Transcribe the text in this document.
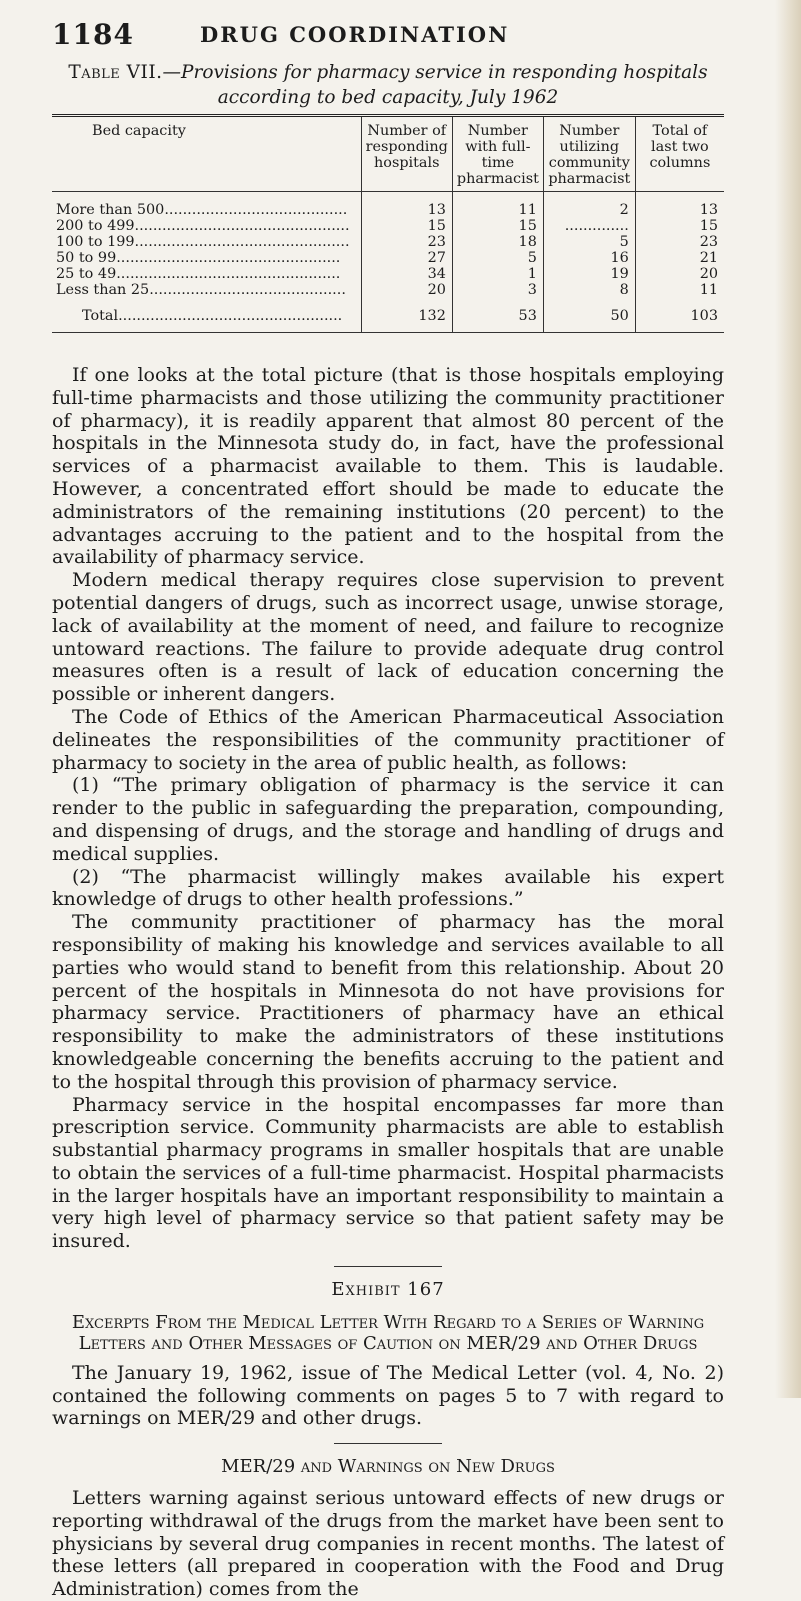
1184	DRUG COORDINATION
Table VII.—Provisions for pharmacy service in responding hospitals according to bed capacity, July 1962
Bed capacity	Number of responding hospitals	Number with full-time pharmacist	Number utilizing community pharmacist	Total of last two columns
More than 500........................................	13	11	2	13
200 to 499...............................................	15	15	..............	15
100 to 199...............................................	23	18	5	23
50 to 99.................................................	27	5	16	21
25 to 49.................................................	34	1	19	20
Less than 25...........................................	20	3	8	11
Total.................................................	132	53	50	103

If one looks at the total picture (that is those hospitals employing full-time pharmacists and those utilizing the community practitioner of pharmacy), it is readily apparent that almost 80 percent of the hospitals in the Minnesota study do, in fact, have the professional services of a pharmacist available to them. This is laudable. However, a concentrated effort should be made to educate the administrators of the remaining institutions (20 percent) to the advantages accruing to the patient and to the hospital from the availability of pharmacy service.

Modern medical therapy requires close supervision to prevent potential dangers of drugs, such as incorrect usage, unwise storage, lack of availability at the moment of need, and failure to recognize untoward reactions. The failure to provide adequate drug control measures often is a result of lack of education concerning the possible or inherent dangers.

The Code of Ethics of the American Pharmaceutical Association delineates the responsibilities of the community practitioner of pharmacy to society in the area of public health, as follows:

(1) “The primary obligation of pharmacy is the service it can render to the public in safeguarding the preparation, compounding, and dispensing of drugs, and the storage and handling of drugs and medical supplies.

(2) “The pharmacist willingly makes available his expert knowledge of drugs to other health professions.”

The community practitioner of pharmacy has the moral responsibility of making his knowledge and services available to all parties who would stand to benefit from this relationship. About 20 percent of the hospitals in Minnesota do not have provisions for pharmacy service. Practitioners of pharmacy have an ethical responsibility to make the administrators of these institutions knowledgeable concerning the benefits accruing to the patient and to the hospital through this provision of pharmacy service.

Pharmacy service in the hospital encompasses far more than prescription service. Community pharmacists are able to establish substantial pharmacy programs in smaller hospitals that are unable to obtain the services of a full-time pharmacist. Hospital pharmacists in the larger hospitals have an important responsibility to maintain a very high level of pharmacy service so that patient safety may be insured.

Exhibit 167
Excerpts From the Medical Letter With Regard to a Series of Warning Letters and Other Messages of Caution on MER/29 and Other Drugs

The January 19, 1962, issue of The Medical Letter (vol. 4, No. 2) contained the following comments on pages 5 to 7 with regard to warnings on MER/29 and other drugs.

MER/29 and Warnings on New Drugs

Letters warning against serious untoward effects of new drugs or reporting withdrawal of the drugs from the market have been sent to physicians by several drug companies in recent months. The latest of these letters (all prepared in cooperation with the Food and Drug Administration) comes from the
